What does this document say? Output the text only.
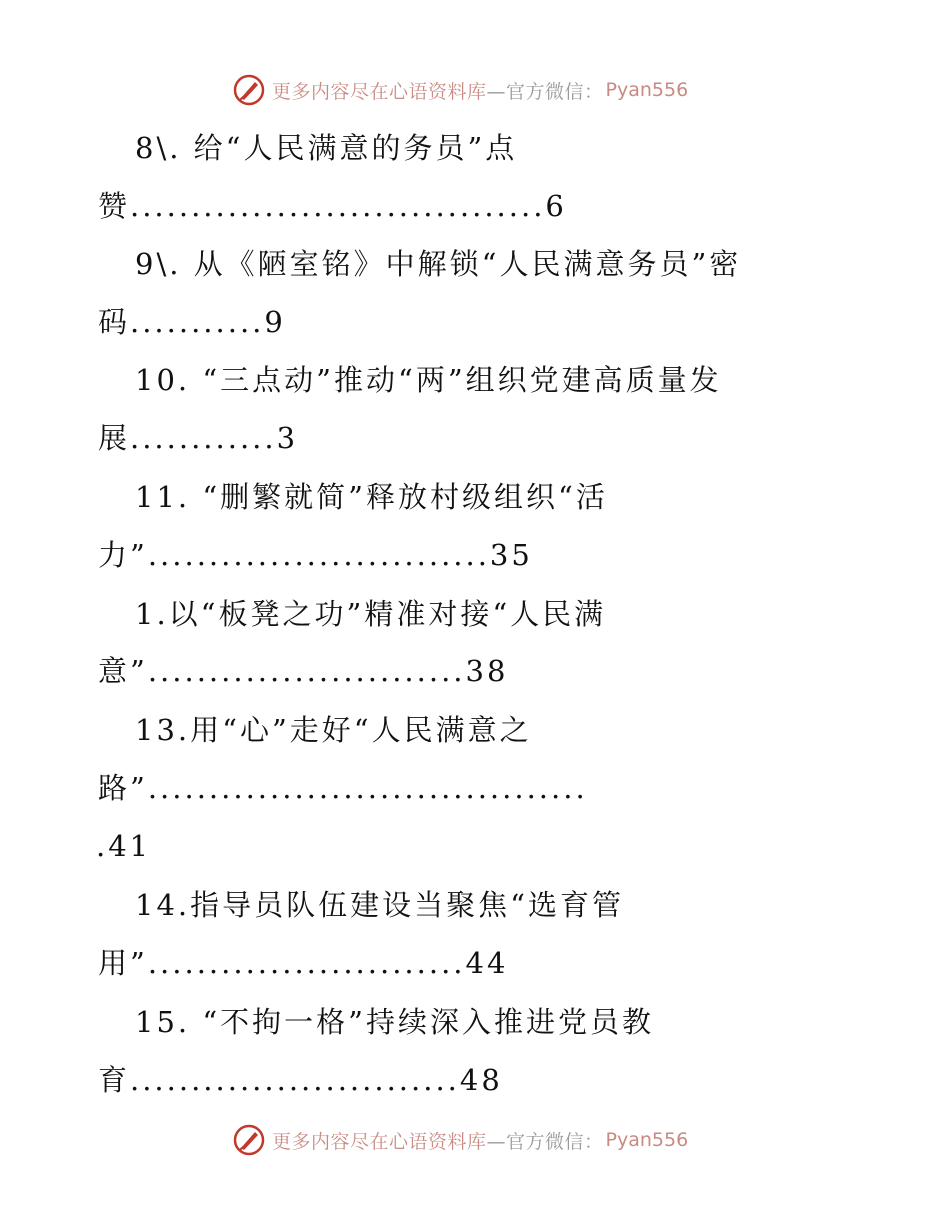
更多内容尽在心语资料库 —官方微信： Pyan556
8\. 给“人民满意的务员”点
赞..................................6
9\. 从《陋室铭》中解锁“人民满意务员”密
码...........9
10. “三点动”推动“两”组织党建高质量发
展............3
11. “删繁就简”释放村级组织“活
力”............................35
1.以“板凳之功”精准对接“人民满
意”..........................38
13.用“心”走好“人民满意之
路”....................................
.41
14.指导员队伍建设当聚焦“选育管
用”..........................44
15. “不拘一格”持续深入推进党员教
育...........................48
更多内容尽在心语资料库 —官方微信： Pyan556
